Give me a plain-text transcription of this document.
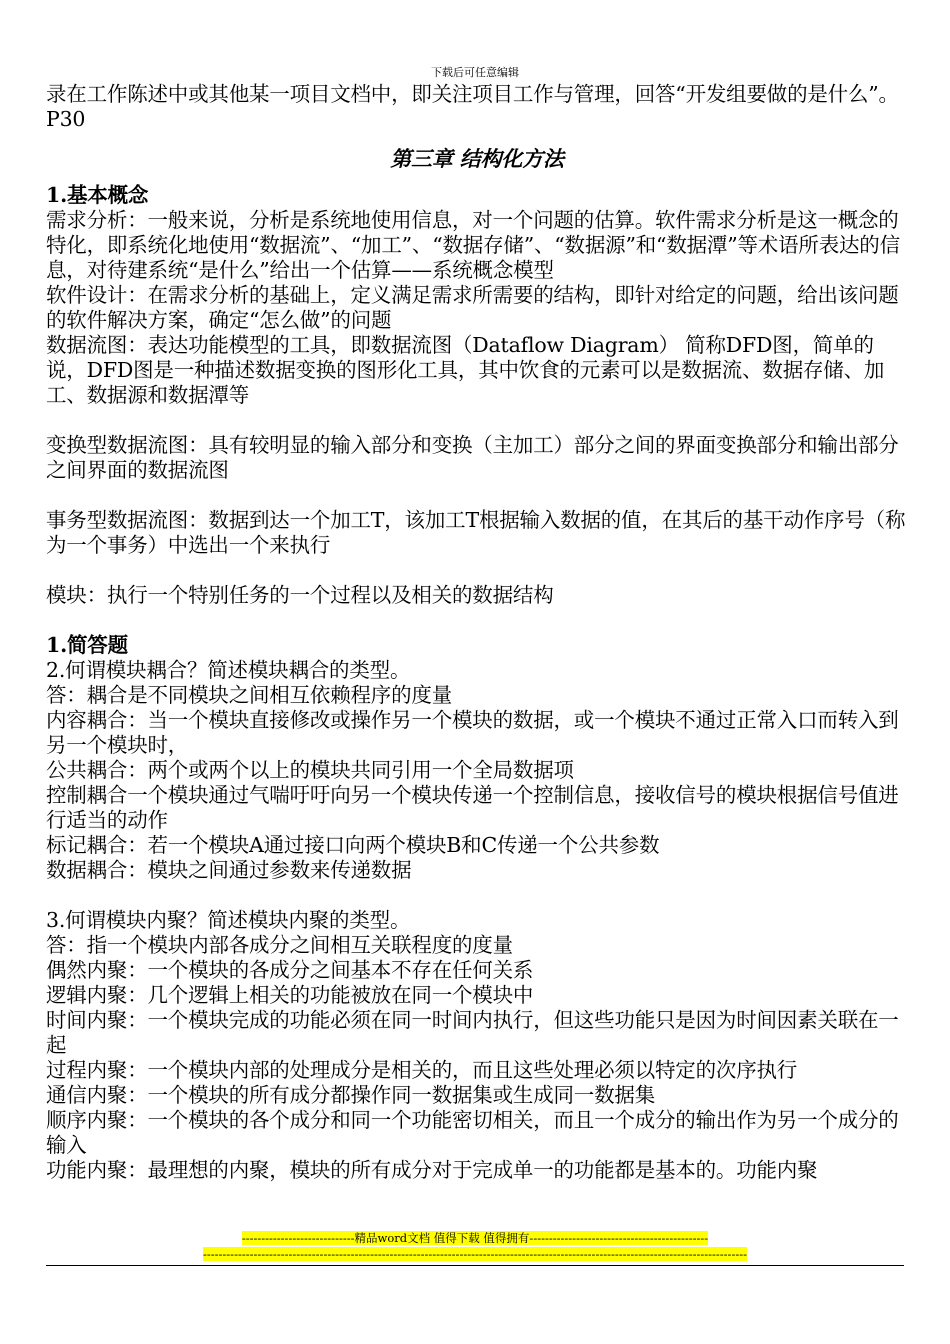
下载后可任意编辑

录在工作陈述中或其他某一项目文档中，即关注项目工作与管理，回答“开发组要做的是什么”。P30

第三章 结构化方法

1.基本概念

需求分析：一般来说，分析是系统地使用信息，对一个问题的估算。软件需求分析是这一概念的特化，即系统化地使用“数据流”、“加工”、“数据存储”、“数据源”和“数据潭”等术语所表达的信息，对待建系统“是什么”给出一个估算——系统概念模型

软件设计：在需求分析的基础上，定义满足需求所需要的结构，即针对给定的问题，给出该问题的软件解决方案，确定“怎么做”的问题

数据流图：表达功能模型的工具，即数据流图（Dataflow Diagram） 简称DFD图，简单的说，DFD图是一种描述数据变换的图形化工具，其中饮食的元素可以是数据流、数据存储、加工、数据源和数据潭等

变换型数据流图：具有较明显的输入部分和变换（主加工）部分之间的界面变换部分和输出部分之间界面的数据流图

事务型数据流图：数据到达一个加工T，该加工T根据输入数据的值，在其后的基干动作序号（称为一个事务）中选出一个来执行

模块：执行一个特别任务的一个过程以及相关的数据结构

1.简答题

2.何谓模块耦合？简述模块耦合的类型。

答：耦合是不同模块之间相互依赖程序的度量

内容耦合：当一个模块直接修改或操作另一个模块的数据，或一个模块不通过正常入口而转入到另一个模块时，

公共耦合：两个或两个以上的模块共同引用一个全局数据项

控制耦合一个模块通过气喘吁吁向另一个模块传递一个控制信息，接收信号的模块根据信号值进行适当的动作

标记耦合：若一个模块A通过接口向两个模块B和C传递一个公共参数

数据耦合：模块之间通过参数来传递数据

3.何谓模块内聚？简述模块内聚的类型。

答：指一个模块内部各成分之间相互关联程度的度量

偶然内聚：一个模块的各成分之间基本不存在任何关系

逻辑内聚：几个逻辑上相关的功能被放在同一个模块中

时间内聚：一个模块完成的功能必须在同一时间内执行，但这些功能只是因为时间因素关联在一起

过程内聚：一个模块内部的处理成分是相关的，而且这些处理必须以特定的次序执行

通信内聚：一个模块的所有成分都操作同一数据集或生成同一数据集

顺序内聚：一个模块的各个成分和同一个功能密切相关，而且一个成分的输出作为另一个成分的输入

功能内聚：最理想的内聚，模块的所有成分对于完成单一的功能都是基本的。功能内聚

-----------------------------精品word文档 值得下载 值得拥有----------------------------------------------
--------------------------------------------------------------------------------------------------------------------------------------------
